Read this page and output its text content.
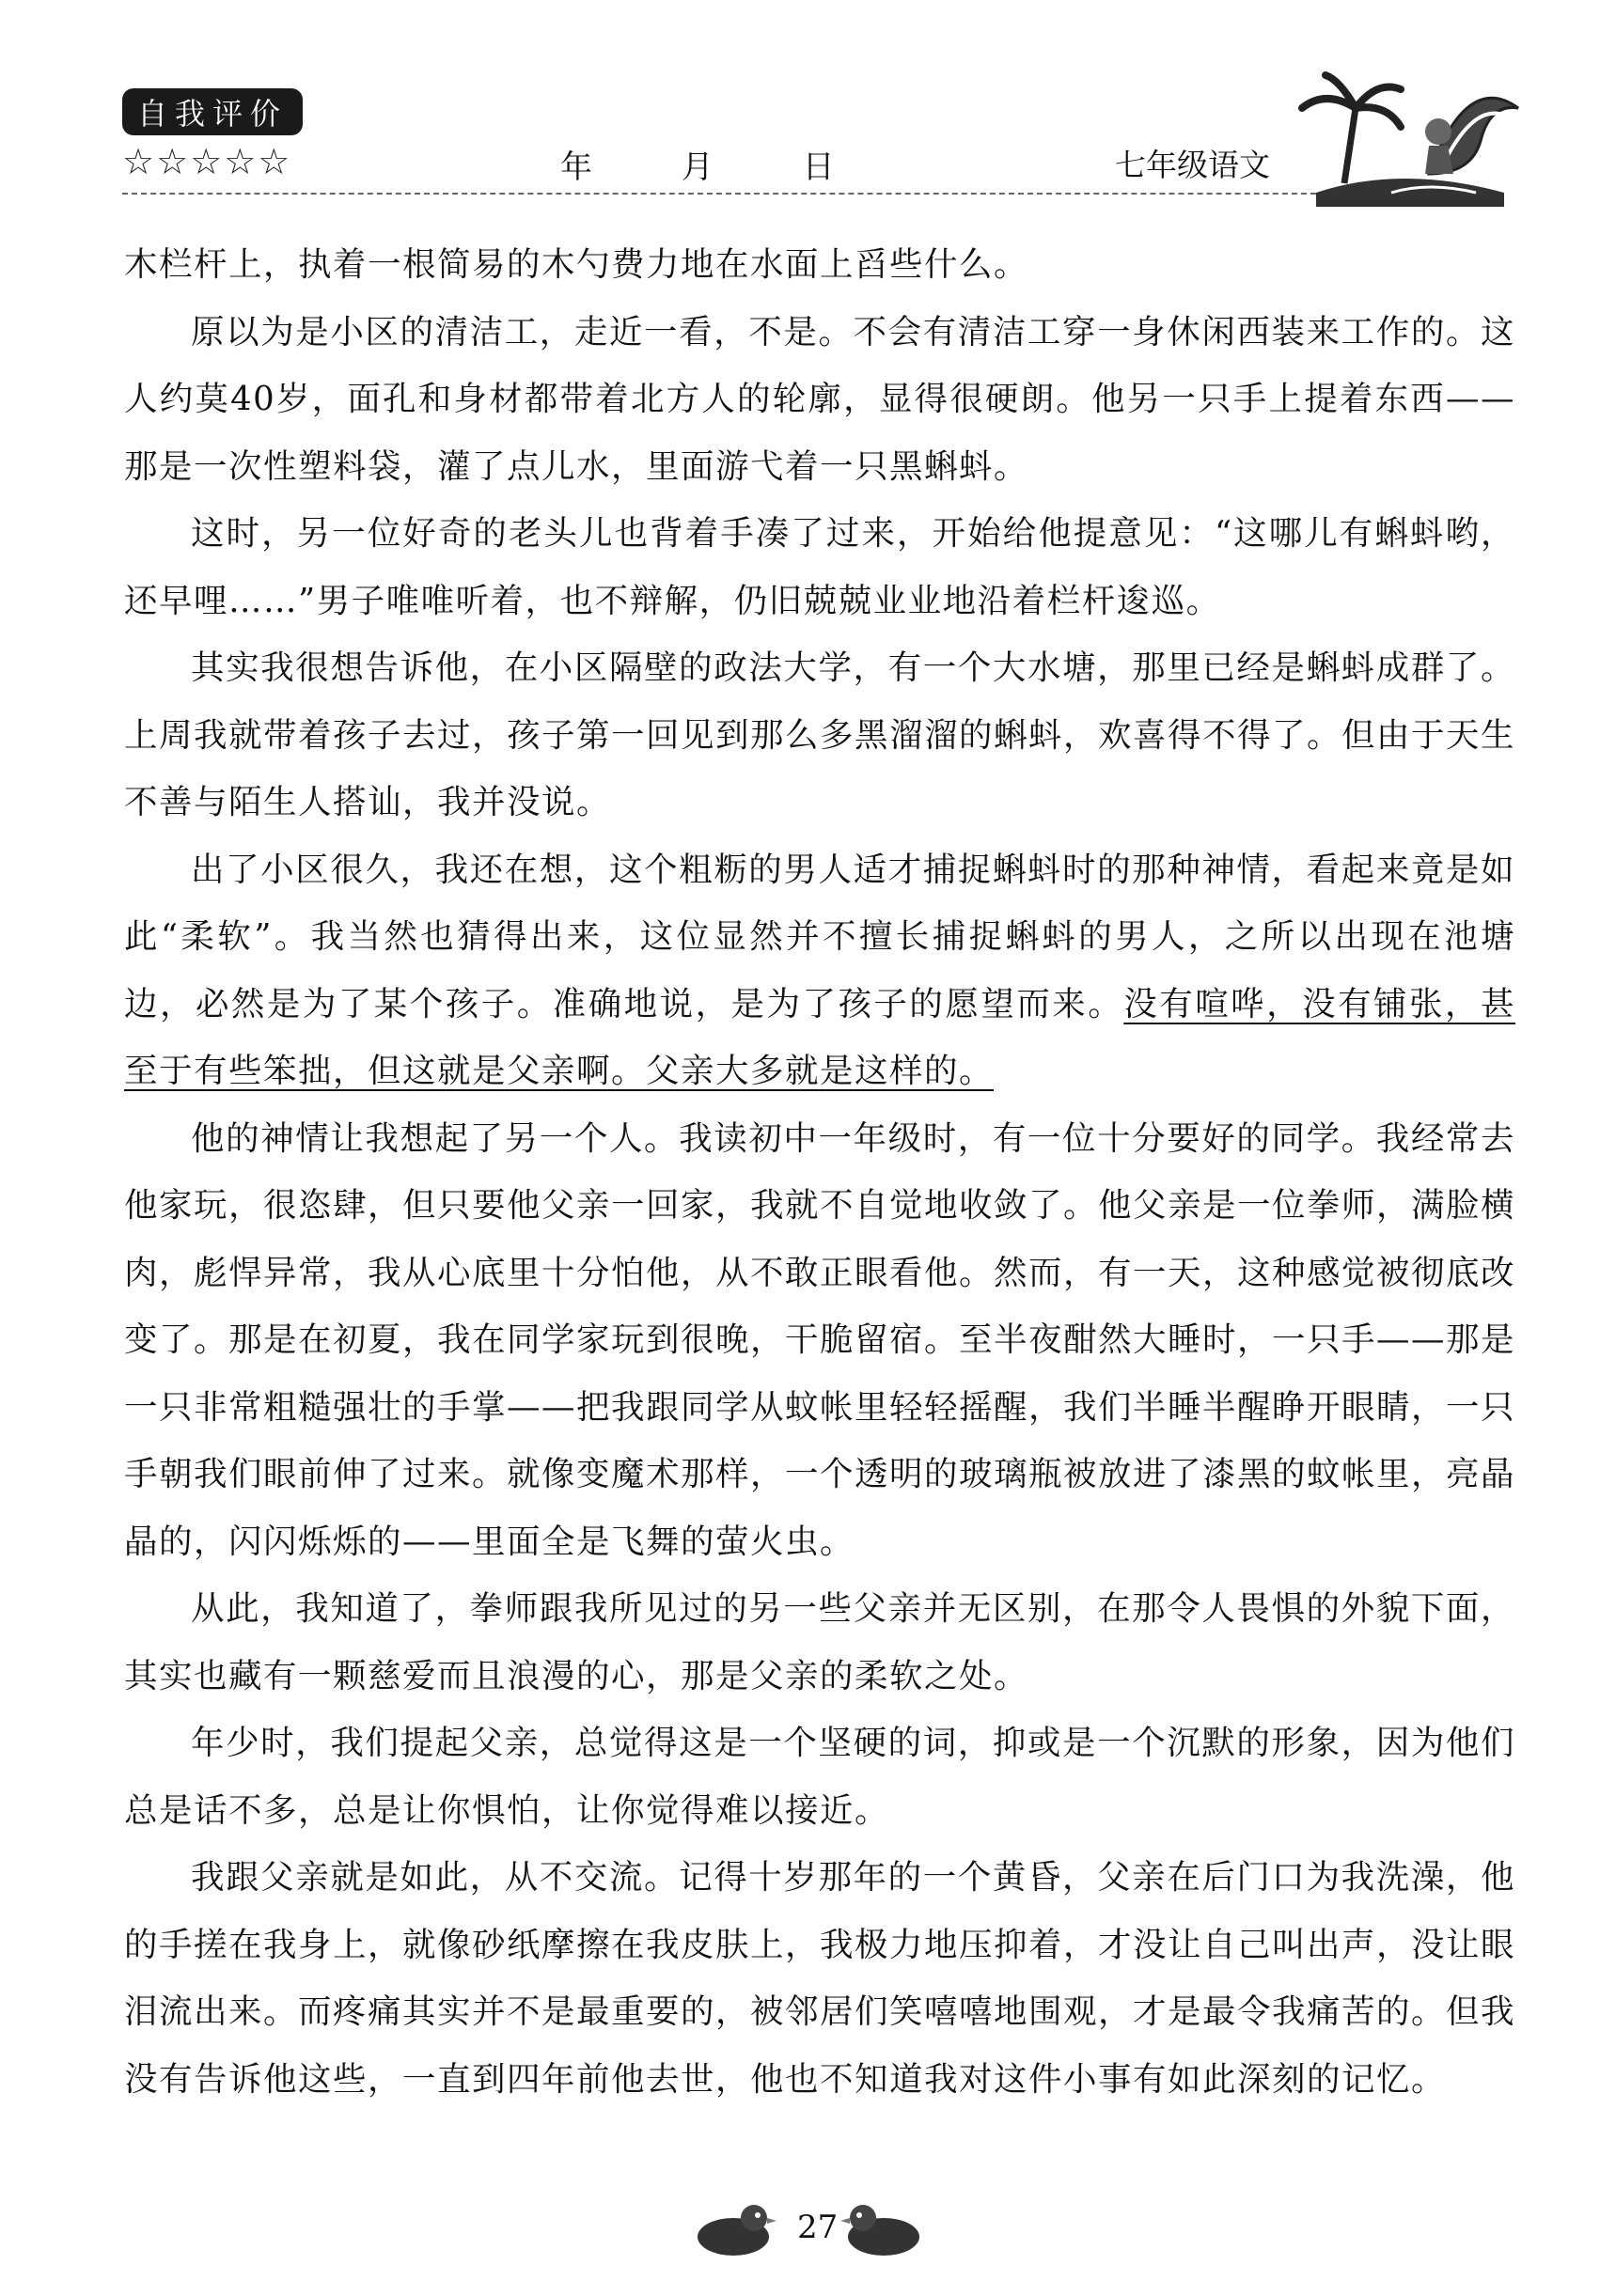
自我评价
☆☆☆☆☆	年	月	日	七年级语文

木栏杆上，执着一根简易的木勺费力地在水面上舀些什么。

原以为是小区的清洁工，走近一看，不是。不会有清洁工穿一身休闲西装来工作的。这人约莫40岁，面孔和身材都带着北方人的轮廓，显得很硬朗。他另一只手上提着东西——那是一次性塑料袋，灌了点儿水，里面游弋着一只黑蝌蚪。

这时，另一位好奇的老头儿也背着手凑了过来，开始给他提意见：“这哪儿有蝌蚪哟，还早哩……”男子唯唯听着，也不辩解，仍旧兢兢业业地沿着栏杆逡巡。

其实我很想告诉他，在小区隔壁的政法大学，有一个大水塘，那里已经是蝌蚪成群了。上周我就带着孩子去过，孩子第一回见到那么多黑溜溜的蝌蚪，欢喜得不得了。但由于天生不善与陌生人搭讪，我并没说。

出了小区很久，我还在想，这个粗粝的男人适才捕捉蝌蚪时的那种神情，看起来竟是如此“柔软”。我当然也猜得出来，这位显然并不擅长捕捉蝌蚪的男人，之所以出现在池塘边，必然是为了某个孩子。准确地说，是为了孩子的愿望而来。没有喧哗，没有铺张，甚至于有些笨拙，但这就是父亲啊。父亲大多就是这样的。

他的神情让我想起了另一个人。我读初中一年级时，有一位十分要好的同学。我经常去他家玩，很恣肆，但只要他父亲一回家，我就不自觉地收敛了。他父亲是一位拳师，满脸横肉，彪悍异常，我从心底里十分怕他，从不敢正眼看他。然而，有一天，这种感觉被彻底改变了。那是在初夏，我在同学家玩到很晚，干脆留宿。至半夜酣然大睡时，一只手——那是一只非常粗糙强壮的手掌——把我跟同学从蚊帐里轻轻摇醒，我们半睡半醒睁开眼睛，一只手朝我们眼前伸了过来。就像变魔术那样，一个透明的玻璃瓶被放进了漆黑的蚊帐里，亮晶晶的，闪闪烁烁的——里面全是飞舞的萤火虫。

从此，我知道了，拳师跟我所见过的另一些父亲并无区别，在那令人畏惧的外貌下面，其实也藏有一颗慈爱而且浪漫的心，那是父亲的柔软之处。

年少时，我们提起父亲，总觉得这是一个坚硬的词，抑或是一个沉默的形象，因为他们总是话不多，总是让你惧怕，让你觉得难以接近。

我跟父亲就是如此，从不交流。记得十岁那年的一个黄昏，父亲在后门口为我洗澡，他的手搓在我身上，就像砂纸摩擦在我皮肤上，我极力地压抑着，才没让自己叫出声，没让眼泪流出来。而疼痛其实并不是最重要的，被邻居们笑嘻嘻地围观，才是最令我痛苦的。但我没有告诉他这些，一直到四年前他去世，他也不知道我对这件小事有如此深刻的记忆。

27
